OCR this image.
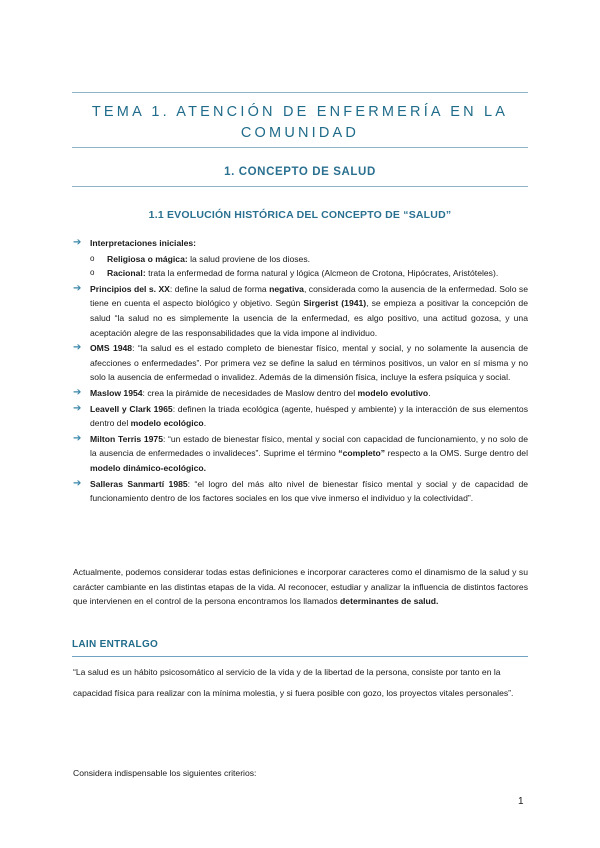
TEMA 1. ATENCIÓN DE ENFERMERÍA EN LA
COMUNIDAD
1. CONCEPTO DE SALUD
1.1 EVOLUCIÓN HISTÓRICA DEL CONCEPTO DE “SALUD”
➔ Interpretaciones iniciales:
o Religiosa o mágica: la salud proviene de los dioses.
o Racional: trata la enfermedad de forma natural y lógica (Alcmeon de Crotona, Hipócrates, Aristóteles).
➔ Principios del s. XX: define la salud de forma negativa, considerada como la ausencia de la enfermedad. Solo se tiene en cuenta el aspecto biológico y objetivo. Según Sirgerist (1941), se empieza a positivar la concepción de salud “la salud no es simplemente la usencia de la enfermedad, es algo positivo, una actitud gozosa, y una aceptación alegre de las responsabilidades que la vida impone al individuo.
➔ OMS 1948: “la salud es el estado completo de bienestar físico, mental y social, y no solamente la ausencia de afecciones o enfermedades”. Por primera vez se define la salud en términos positivos, un valor en sí misma y no solo la ausencia de enfermedad o invalidez. Además de la dimensión física, incluye la esfera psíquica y social.
➔ Maslow 1954: crea la pirámide de necesidades de Maslow dentro del modelo evolutivo.
➔ Leavell y Clark 1965: definen la triada ecológica (agente, huésped y ambiente) y la interacción de sus elementos dentro del modelo ecológico.
➔ Milton Terris 1975: “un estado de bienestar físico, mental y social con capacidad de funcionamiento, y no solo de la ausencia de enfermedades o invalideces”. Suprime el término “completo” respecto a la OMS. Surge dentro del modelo dinámico-ecológico.
➔ Salleras Sanmartí 1985: “el logro del más alto nivel de bienestar físico mental y social y de capacidad de funcionamiento dentro de los factores sociales en los que vive inmerso el individuo y la colectividad”.
Actualmente, podemos considerar todas estas definiciones e incorporar caracteres como el dinamismo de la salud y su carácter cambiante en las distintas etapas de la vida. Al reconocer, estudiar y analizar la influencia de distintos factores que intervienen en el control de la persona encontramos los llamados determinantes de salud.
LAIN ENTRALGO
“La salud es un hábito psicosomático al servicio de la vida y de la libertad de la persona, consiste por tanto en la capacidad física para realizar con la mínima molestia, y si fuera posible con gozo, los proyectos vitales personales”.
Considera indispensable los siguientes criterios:
1
